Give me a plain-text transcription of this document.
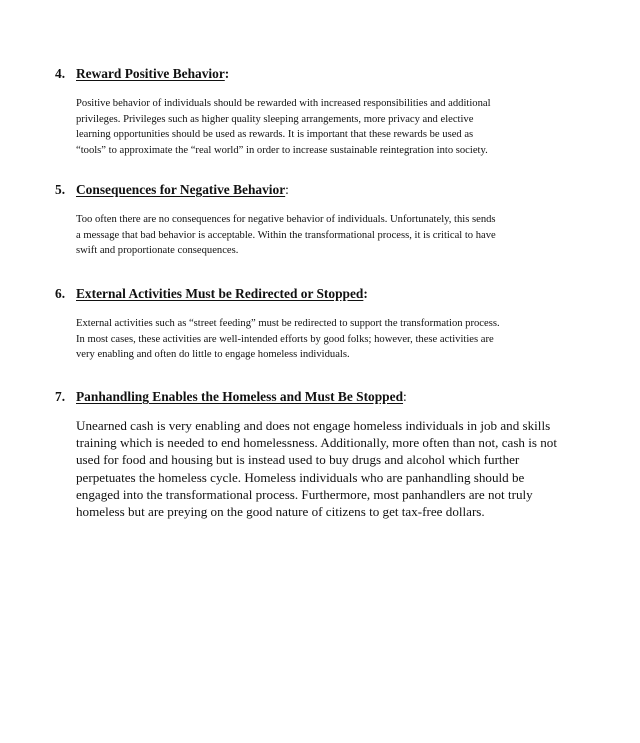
4. Reward Positive Behavior:
Positive behavior of individuals should be rewarded with increased responsibilities and additional
privileges. Privileges such as higher quality sleeping arrangements, more privacy and elective
learning opportunities should be used as rewards. It is important that these rewards be used as
“tools” to approximate the “real world” in order to increase sustainable reintegration into society.
5. Consequences for Negative Behavior:
Too often there are no consequences for negative behavior of individuals. Unfortunately, this sends
a message that bad behavior is acceptable. Within the transformational process, it is critical to have
swift and proportionate consequences.
6. External Activities Must be Redirected or Stopped:
External activities such as “street feeding” must be redirected to support the transformation process.
In most cases, these activities are well-intended efforts by good folks; however, these activities are
very enabling and often do little to engage homeless individuals.
7. Panhandling Enables the Homeless and Must Be Stopped:
Unearned cash is very enabling and does not engage homeless individuals in job and skills
training which is needed to end homelessness. Additionally, more often than not, cash is not
used for food and housing but is instead used to buy drugs and alcohol which further
perpetuates the homeless cycle. Homeless individuals who are panhandling should be
engaged into the transformational process. Furthermore, most panhandlers are not truly
homeless but are preying on the good nature of citizens to get tax-free dollars.
